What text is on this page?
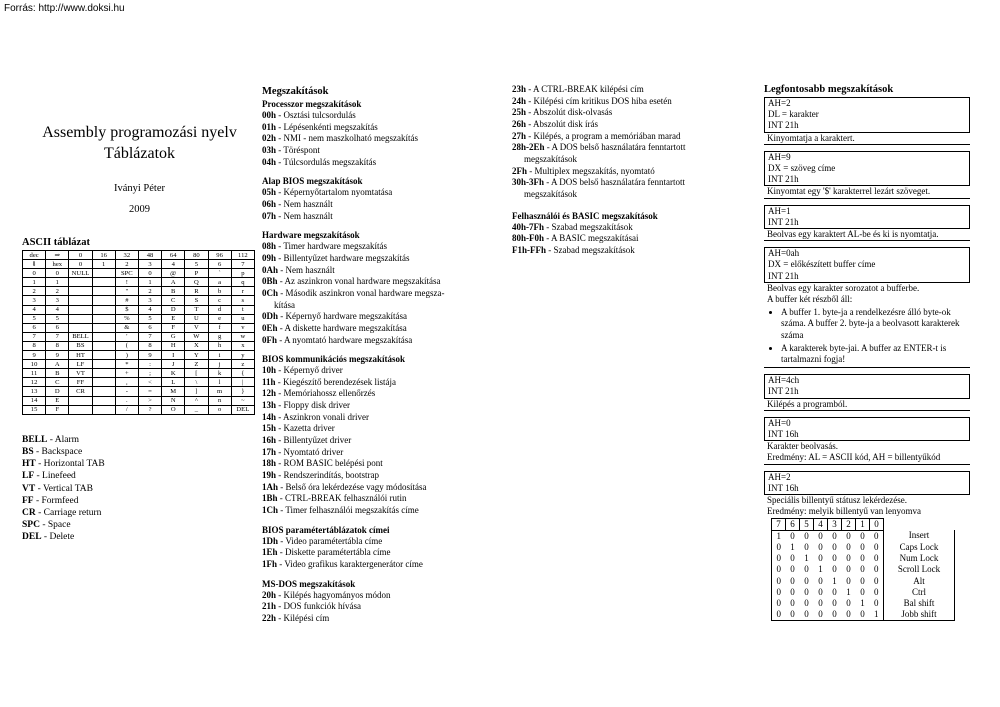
Forrás: http://www.doksi.hu
Assembly programozási nyelv
Táblázatok
Iványi Péter
2009
ASCII táblázat
dec	⇒	0	16	32	48	64	80	96	112
⇓	hex	0	1	2	3	4	5	6	7
0	0	NULL		SPC	0	@	P	`	p
1	1			!	1	A	Q	a	q
2	2			"	2	B	R	b	r
3	3			#	3	C	S	c	s
4	4			$	4	D	T	d	t
5	5			%	5	E	U	e	u
6	6			&	6	F	V	f	v
7	7	BELL		'	7	G	W	g	w
8	8	BS		(	8	H	X	h	x
9	9	HT		)	9	I	Y	i	y
10	A	LF		*	:	J	Z	j	z
11	B	VT		+	;	K	[	k	{
12	C	FF		,	<	L	\	l	|
13	D	CR		-	=	M	]	m	}
14	E			.	>	N	^	n	~
15	F			/	?	O	_	o	DEL
BELL - Alarm
BS - Backspace
HT - Horizontal TAB
LF - Linefeed
VT - Vertical TAB
FF - Formfeed
CR - Carriage return
SPC - Space
DEL - Delete
Megszakítások
Processzor megszakítások
00h - Osztási tulcsordulás
01h - Lépésenkénti megszakítás
02h - NMI - nem maszkolható megszakítás
03h - Töréspont
04h - Túlcsordulás megszakítás
Alap BIOS megszakítások
05h - Képernyőtartalom nyomtatása
06h - Nem használt
07h - Nem használt
Hardware megszakítások
08h - Timer hardware megszakítás
09h - Billentyűzet hardware megszakítás
0Ah - Nem használt
0Bh - Az aszinkron vonal hardware megszakítása
0Ch - Második aszinkron vonal hardware megsza-
kítása
0Dh - Képernyő hardware megszakítása
0Eh - A diskette hardware megszakítása
0Fh - A nyomtató hardware megszakítása
BIOS kommunikációs megszakítások
10h - Képernyő driver
11h - Kiegészítő berendezések listája
12h - Memóriahossz ellenőrzés
13h - Floppy disk driver
14h - Aszinkron vonali driver
15h - Kazetta driver
16h - Billentyűzet driver
17h - Nyomtató driver
18h - ROM BASIC belépési pont
19h - Rendszerindítás, bootstrap
1Ah - Belső óra lekérdezése vagy módosítása
1Bh - CTRL-BREAK felhasználói rutin
1Ch - Timer felhasználói megszakítás címe
BIOS paramétertáblázatok címei
1Dh - Video paramétertábla címe
1Eh - Diskette paramétertábla címe
1Fh - Video grafikus karaktergenerátor címe
MS-DOS megszakítások
20h - Kilépés hagyományos módon
21h - DOS funkciók hívása
22h - Kilépési cím
23h - A CTRL-BREAK kilépési cím
24h - Kilépési cím kritikus DOS hiba esetén
25h - Abszolút disk-olvasás
26h - Abszolút disk írás
27h - Kilépés, a program a memóriában marad
28h-2Eh - A DOS belső használatára fenntartott
megszakítások
2Fh - Multiplex megszakítás, nyomtató
30h-3Fh - A DOS belső használatára fenntartott
megszakítások
Felhasználói és BASIC megszakítások
40h-7Fh - Szabad megszakítások
80h-F0h - A BASIC megszakításai
F1h-FFh - Szabad megszakítások
Legfontosabb megszakítások
AH=2
DL = karakter
INT 21h
Kinyomtatja a karaktert.
AH=9
DX = szöveg címe
INT 21h
Kinyomtat egy '$' karakterrel lezárt szöveget.
AH=1
INT 21h
Beolvas egy karaktert AL-be és ki is nyomtatja.
AH=0ah
DX = előkészített buffer címe
INT 21h
Beolvas egy karakter sorozatot a bufferbe.
A buffer két részből áll:
• A buffer 1. byte-ja a rendelkezésre álló byte-ok száma. A buffer 2. byte-ja a beolvasott karakterek száma
• A karakterek byte-jai. A buffer az ENTER-t is tartalmazni fogja!
AH=4ch
INT 21h
Kilépés a programból.
AH=0
INT 16h
Karakter beolvasás.
Eredmény: AL = ASCII kód, AH = billentyűkód
AH=2
INT 16h
Speciális billentyű státusz lekérdezése.
Eredmény: melyik billentyű van lenyomva
7	6	5	4	3	2	1	0	
1	0	0	0	0	0	0	0	Insert
0	1	0	0	0	0	0	0	Caps Lock
0	0	1	0	0	0	0	0	Num Lock
0	0	0	1	0	0	0	0	Scroll Lock
0	0	0	0	1	0	0	0	Alt
0	0	0	0	0	1	0	0	Ctrl
0	0	0	0	0	0	1	0	Bal shift
0	0	0	0	0	0	0	1	Jobb shift
